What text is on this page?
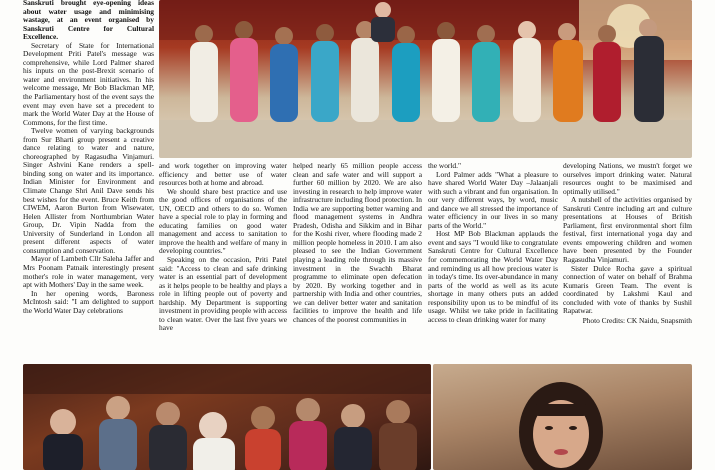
Sanskruti brought eye-opening ideas about water usage and minimising wastage, at an event organised by Sanskruti Centre for Cultural Excellence.

Secretary of State for International Development Priti Patel's message was comprehensive, while Lord Palmer shared his inputs on the post-Brexit scenario of water and environment initiatives. In his welcome message, Mr Bob Blackman MP, the Parliamentary host of the event says the event may even have set a precedent to mark the World Water Day at the House of Commons, for the first time.

Twelve women of varying backgrounds from Sur Bharti group present a creative dance relating to water and nature, choreographed by Ragasudha Vinjamuri. Singer Ashvini Kane renders a spell-binding song on water and its importance. Indian Minister for Environment and Climate Change Shri Anil Dave sends his best wishes for the event. Bruce Keith from CIWEM, Aaron Burton from Wisewater, Helen Allister from Northumbrian Water Group, Dr. Vipin Nadda from the University of Sunderland in London all present different aspects of water consumption and conservation.

Mayor of Lambeth Cllr Saleha Jaffer and Mrs Poonam Patnaik interestingly present mother's role in water management, very apt with Mothers' Day in the same week.

In her opening words, Baroness McIntosh said: "I am delighted to support the World Water Day celebrations

and work together on improving water efficiency and better use of water resources both at home and abroad.

We should share best practice and use the good offices of organisations of the UN, OECD and others to do so. Women have a special role to play in forming and educating families on good water management and access to sanitation to improve the health and welfare of many in developing countries."

Speaking on the occasion, Priti Patel said: "Access to clean and safe drinking water is an essential part of development as it helps people to be healthy and plays a role in lifting people out of poverty and hardship. My Department is supporting investment in providing people with access to clean water. Over the last five years we have

helped nearly 65 million people access clean and safe water and will support a further 60 million by 2020. We are also investing in research to help improve water infrastructure including flood protection. In India we are supporting better warning and flood management systems in Andhra Pradesh, Odisha and Sikkim and in Bihar for the Koshi river, where flooding made 2 million people homeless in 2010. I am also pleased to see the Indian Government playing a leading role through its massive investment in the Swachh Bharat programme to eliminate open defecation by 2020. By working together and in partnership with India and other countries, we can deliver better water and sanitation facilities to improve the health and life chances of the poorest communities in

the world."

Lord Palmer adds "What a pleasure to have shared World Water Day –Jalaanjali with such a vibrant and fun organisation. In our very different ways, by word, music and dance we all stressed the importance of water efficiency in our lives in so many parts of the World."

Host MP Bob Blackman applauds the event and says "I would like to congratulate Sanskruti Centre for Cultural Excellence for commemorating the World Water Day and reminding us all how precious water is in today's time. Its over-abundance in many parts of the world as well as its acute shortage in many others puts an added responsibility upon us to be mindful of its usage. Whilst we take pride in facilitating access to clean drinking water for many

developing Nations, we mustn't forget we ourselves import drinking water. Natural resources ought to be maximised and optimally utilised."

A nutshell of the activities organised by Sanskruti Centre including art and culture presentations at Houses of British Parliament, first environmental short film festival, first international yoga day and events empowering children and women have been presented by the Founder Ragasudha Vinjamuri.

Sister Dulce Rocha gave a spiritual connection of water on behalf of Brahma Kumaris Green Team. The event is coordinated by Lakshmi Kaul and concluded with vote of thanks by Sushil Rapatwar.

Photo Credits: CK Naidu, Snapsmith
